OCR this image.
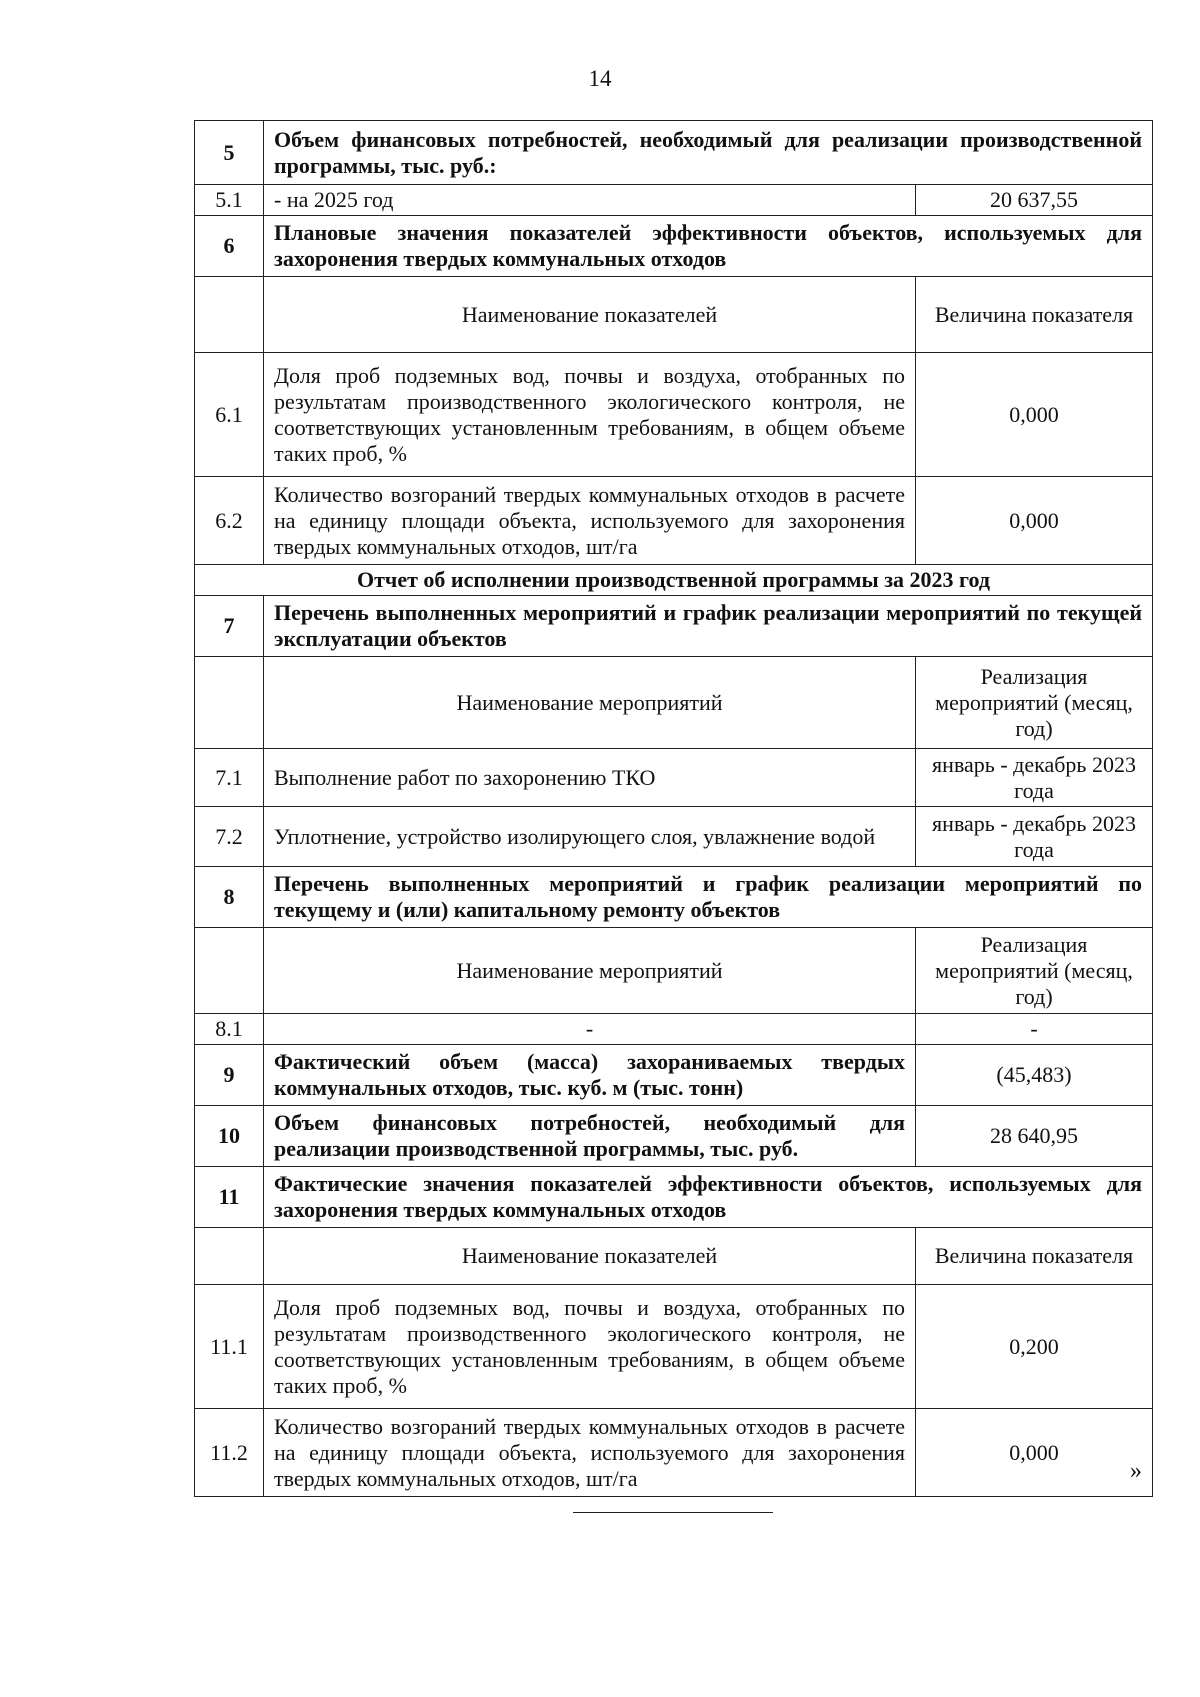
14
5	Объем финансовых потребностей, необходимый для реализации производственной программы, тыс. руб.:	
5.1	- на 2025 год	20 637,55
6	Плановые значения показателей эффективности объектов, используемых для захоронения твердых коммунальных отходов	
	Наименование показателей	Величина показателя
6.1	Доля проб подземных вод, почвы и воздуха, отобранных по результатам производственного экологического контроля, не соответствующих установленным требованиям, в общем объеме таких проб, %	0,000
6.2	Количество возгораний твердых коммунальных отходов в расчете на единицу площади объекта, используемого для захоронения твердых коммунальных отходов, шт/га	0,000
Отчет об исполнении производственной программы за 2023 год		
7	Перечень выполненных мероприятий и график реализации мероприятий по текущей эксплуатации объектов	
	Наименование мероприятий	Реализация мероприятий (месяц, год)
7.1	Выполнение работ по захоронению ТКО	январь - декабрь 2023 года
7.2	Уплотнение, устройство изолирующего слоя, увлажнение водой	январь - декабрь 2023 года
8	Перечень выполненных мероприятий и график реализации мероприятий по текущему и (или) капитальному ремонту объектов	
	Наименование мероприятий	Реализация мероприятий (месяц, год)
8.1	-	-
9	Фактический объем (масса) захораниваемых твердых коммунальных отходов, тыс. куб. м (тыс. тонн)	(45,483)
10	Объем финансовых потребностей, необходимый для реализации производственной программы, тыс. руб.	28 640,95
11	Фактические значения показателей эффективности объектов, используемых для захоронения твердых коммунальных отходов	
	Наименование показателей	Величина показателя
11.1	Доля проб подземных вод, почвы и воздуха, отобранных по результатам производственного экологического контроля, не соответствующих установленным требованиям, в общем объеме таких проб, %	0,200
11.2	Количество возгораний твердых коммунальных отходов в расчете на единицу площади объекта, используемого для захоронения твердых коммунальных отходов, шт/га	0,000
»
